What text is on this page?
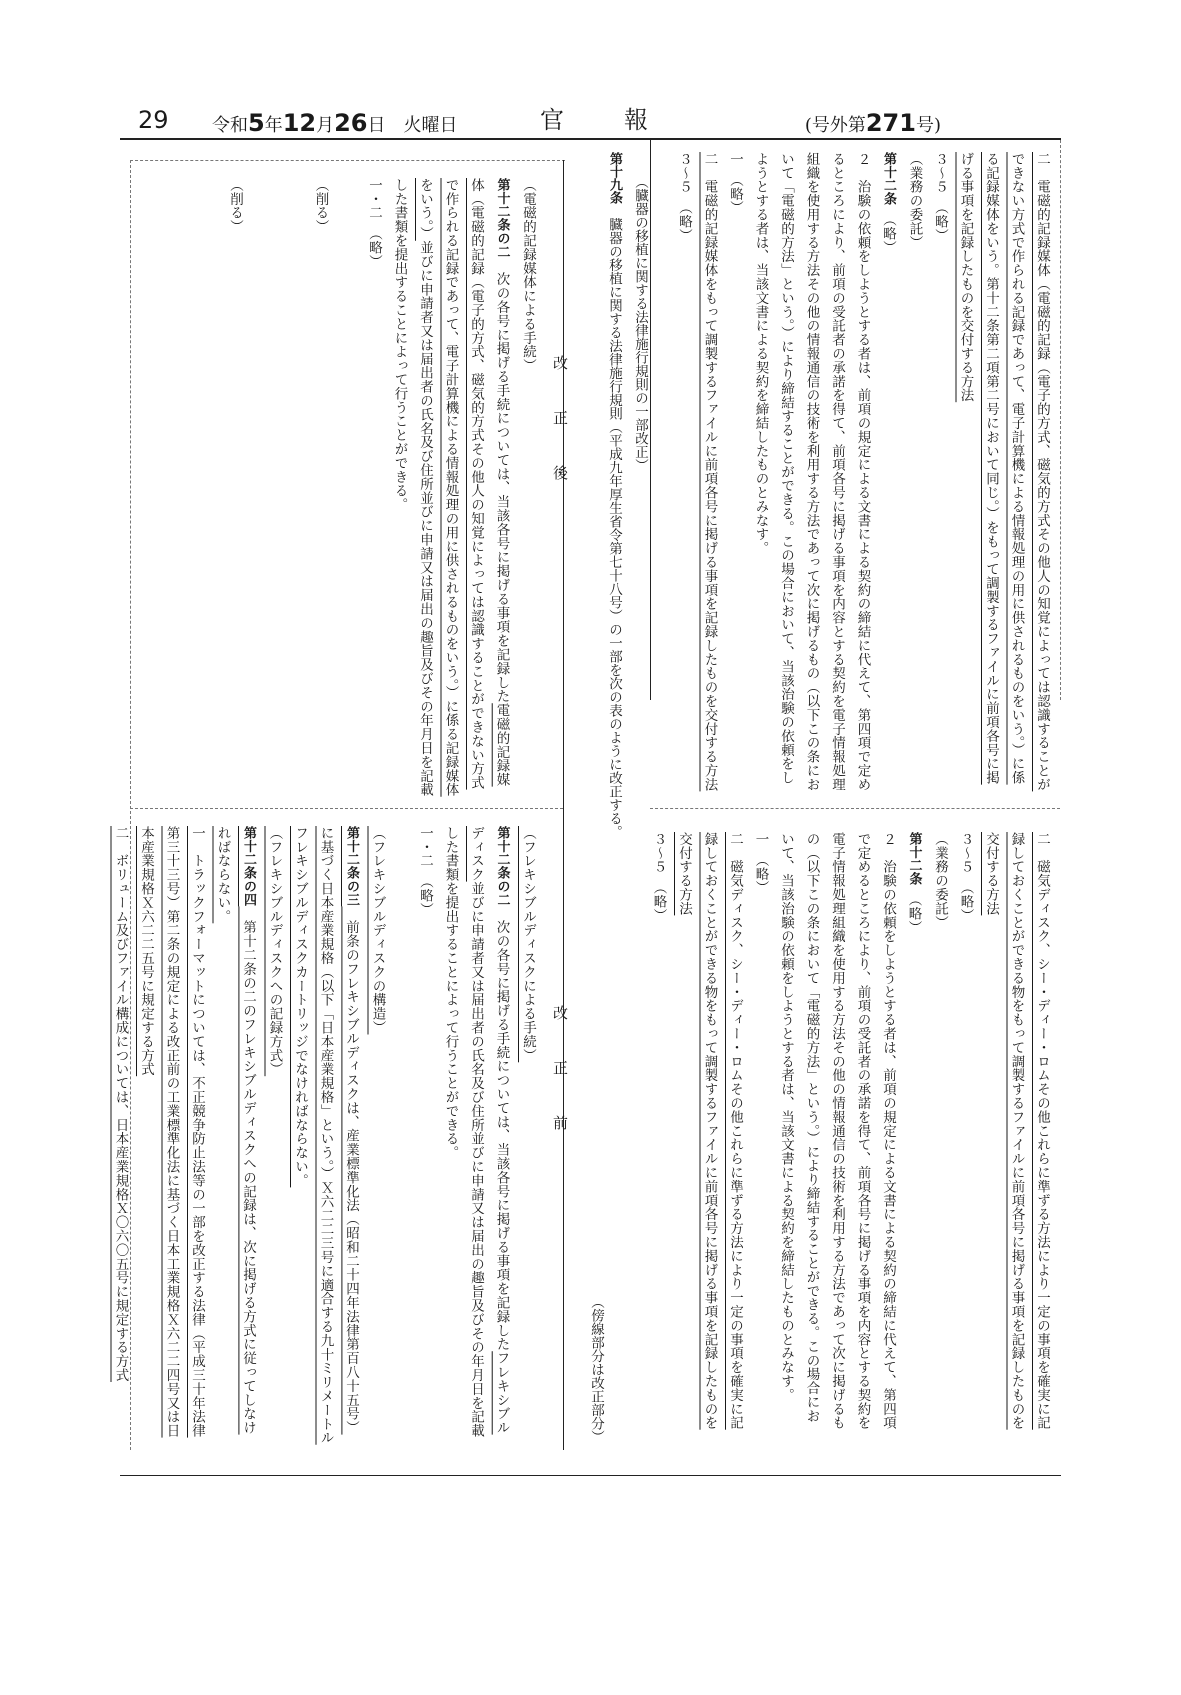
29 令和5年12月26日  火曜日	官報	(号外第271号)

二　電磁的記録媒体（電磁的記録（電子的方式、磁気的方式その他人の知覚によっては認識することができない方式で作られる記録であって、電子計算機による情報処理の用に供されるものをいう。）に係る記録媒体をいう。第十二条第二項第二号において同じ。）をもって調製するファイルに前項各号に掲げる事項を記録したものを交付する方法

３〜５　（略）

（業務の委託）

第十二条　（略）

２　治験の依頼をしようとする者は、前項の規定による文書による契約の締結に代えて、第四項で定めるところにより、前項の受託者の承諾を得て、前項各号に掲げる事項を内容とする契約を電子情報処理組織を使用する方法その他の情報通信の技術を利用する方法であって次に掲げるもの（以下この条において「電磁的方法」という。）により締結することができる。この場合において、当該治験の依頼をしようとする者は、当該文書による契約を締結したものとみなす。

一　（略）

二　電磁的記録媒体をもって調製するファイルに前項各号に掲げる事項を記録したものを交付する方法

３〜５　（略）

二　磁気ディスク、シー・ディー・ロムその他これらに準ずる方法により一定の事項を確実に記録しておくことができる物をもって調製するファイルに前項各号に掲げる事項を記録したものを交付する方法

３〜５　（略）

（業務の委託）

第十二条　（略）

２　治験の依頼をしようとする者は、前項の規定による文書による契約の締結に代えて、第四項で定めるところにより、前項の受託者の承諾を得て、前項各号に掲げる事項を内容とする契約を電子情報処理組織を使用する方法その他の情報通信の技術を利用する方法であって次に掲げるもの（以下この条において「電磁的方法」という。）により締結することができる。この場合において、当該治験の依頼をしようとする者は、当該文書による契約を締結したものとみなす。

一　（略）

二　磁気ディスク、シー・ディー・ロムその他これらに準ずる方法により一定の事項を確実に記録しておくことができる物をもって調製するファイルに前項各号に掲げる事項を記録したものを交付する方法

３〜５　（略）

（臓器の移植に関する法律施行規則の一部改正）
第十九条　臓器の移植に関する法律施行規則（平成九年厚生省令第七十八号）の一部を次の表のように改正する。
（傍線部分は改正部分）
改正後
改正前

（電磁的記録媒体による手続）

第十二条の二　次の各号に掲げる手続については、当該各号に掲げる事項を記録した電磁的記録媒体（電磁的記録（電子的方式、磁気的方式その他人の知覚によっては認識することができない方式で作られる記録であって、電子計算機による情報処理の用に供されるものをいう。）に係る記録媒体をいう。）並びに申請者又は届出者の氏名及び住所並びに申請又は届出の趣旨及びその年月日を記載した書類を提出することによって行うことができる。

一・二　（略）

（削る）

（削る）

（フレキシブルディスクによる手続）

第十二条の二　次の各号に掲げる手続については、当該各号に掲げる事項を記録したフレキシブルディスク並びに申請者又は届出者の氏名及び住所並びに申請又は届出の趣旨及びその年月日を記載した書類を提出することによって行うことができる。

一・二　（略）

（フレキシブルディスクの構造）

第十二条の三　前条のフレキシブルディスクは、産業標準化法（昭和二十四年法律第百八十五号）に基づく日本産業規格（以下「日本産業規格」という。）Ｘ六二二三号に適合する九十ミリメートルフレキシブルディスクカートリッジでなければならない。

（フレキシブルディスクへの記録方式）

第十二条の四　第十二条の二のフレキシブルディスクへの記録は、次に掲げる方式に従ってしなければならない。

一　トラックフォーマットについては、不正競争防止法等の一部を改正する法律（平成三十年法律第三十三号）第二条の規定による改正前の工業標準化法に基づく日本工業規格Ｘ六二二四号又は日本産業規格Ｘ六二二五号に規定する方式

二　ボリューム及びファイル構成については、日本産業規格Ｘ〇六〇五号に規定する方式
